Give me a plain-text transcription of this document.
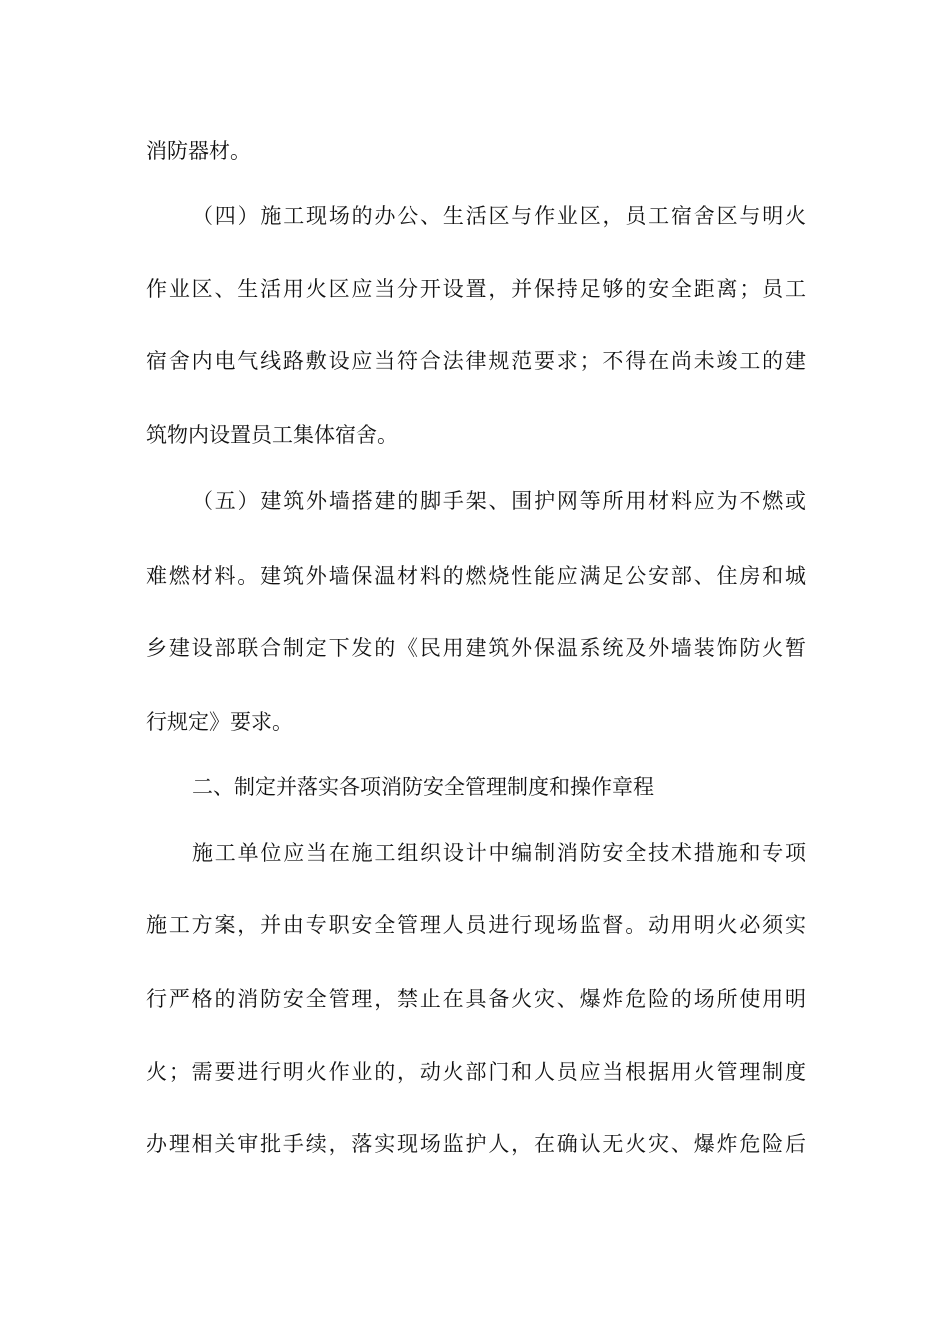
消防器材。
（四）施工现场的办公、生活区与作业区，员工宿舍区与明火
作业区、生活用火区应当分开设置，并保持足够的安全距离；员工
宿舍内电气线路敷设应当符合法律规范要求；不得在尚未竣工的建
筑物内设置员工集体宿舍。
（五）建筑外墙搭建的脚手架、围护网等所用材料应为不燃或
难燃材料。建筑外墙保温材料的燃烧性能应满足公安部、住房和城
乡建设部联合制定下发的《民用建筑外保温系统及外墙装饰防火暂
行规定》要求。
二、制定并落实各项消防安全管理制度和操作章程
施工单位应当在施工组织设计中编制消防安全技术措施和专项
施工方案，并由专职安全管理人员进行现场监督。动用明火必须实
行严格的消防安全管理，禁止在具备火灾、爆炸危险的场所使用明
火；需要进行明火作业的，动火部门和人员应当根据用火管理制度
办理相关审批手续，落实现场监护人，在确认无火灾、爆炸危险后
